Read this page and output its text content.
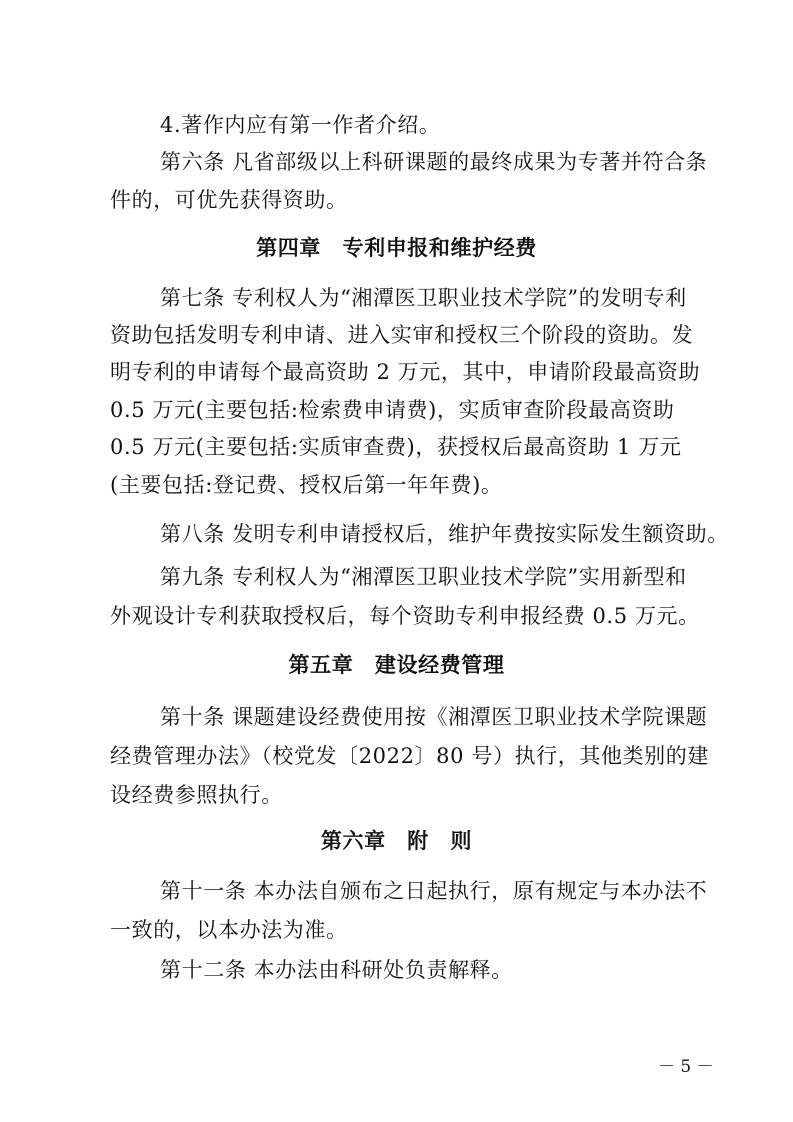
4.著作内应有第一作者介绍。
第六条 凡省部级以上科研课题的最终成果为专著并符合条
件的，可优先获得资助。
第四章　专利申报和维护经费
第七条 专利权人为“湘潭医卫职业技术学院”的发明专利
资助包括发明专利申请、进入实审和授权三个阶段的资助。发
明专利的申请每个最高资助 2 万元，其中，申请阶段最高资助
0.5 万元(主要包括:检索费申请费)，实质审查阶段最高资助
0.5 万元(主要包括:实质审查费)，获授权后最高资助 1 万元
(主要包括:登记费、授权后第一年年费)。
第八条 发明专利申请授权后，维护年费按实际发生额资助。
第九条 专利权人为“湘潭医卫职业技术学院”实用新型和
外观设计专利获取授权后，每个资助专利申报经费 0.5 万元。
第五章　建设经费管理
第十条 课题建设经费使用按《湘潭医卫职业技术学院课题
经费管理办法》（校党发〔2022〕80 号）执行，其他类别的建
设经费参照执行。
第六章　附　则
第十一条 本办法自颁布之日起执行，原有规定与本办法不
一致的，以本办法为准。
第十二条 本办法由科研处负责解释。
－ 5 －
